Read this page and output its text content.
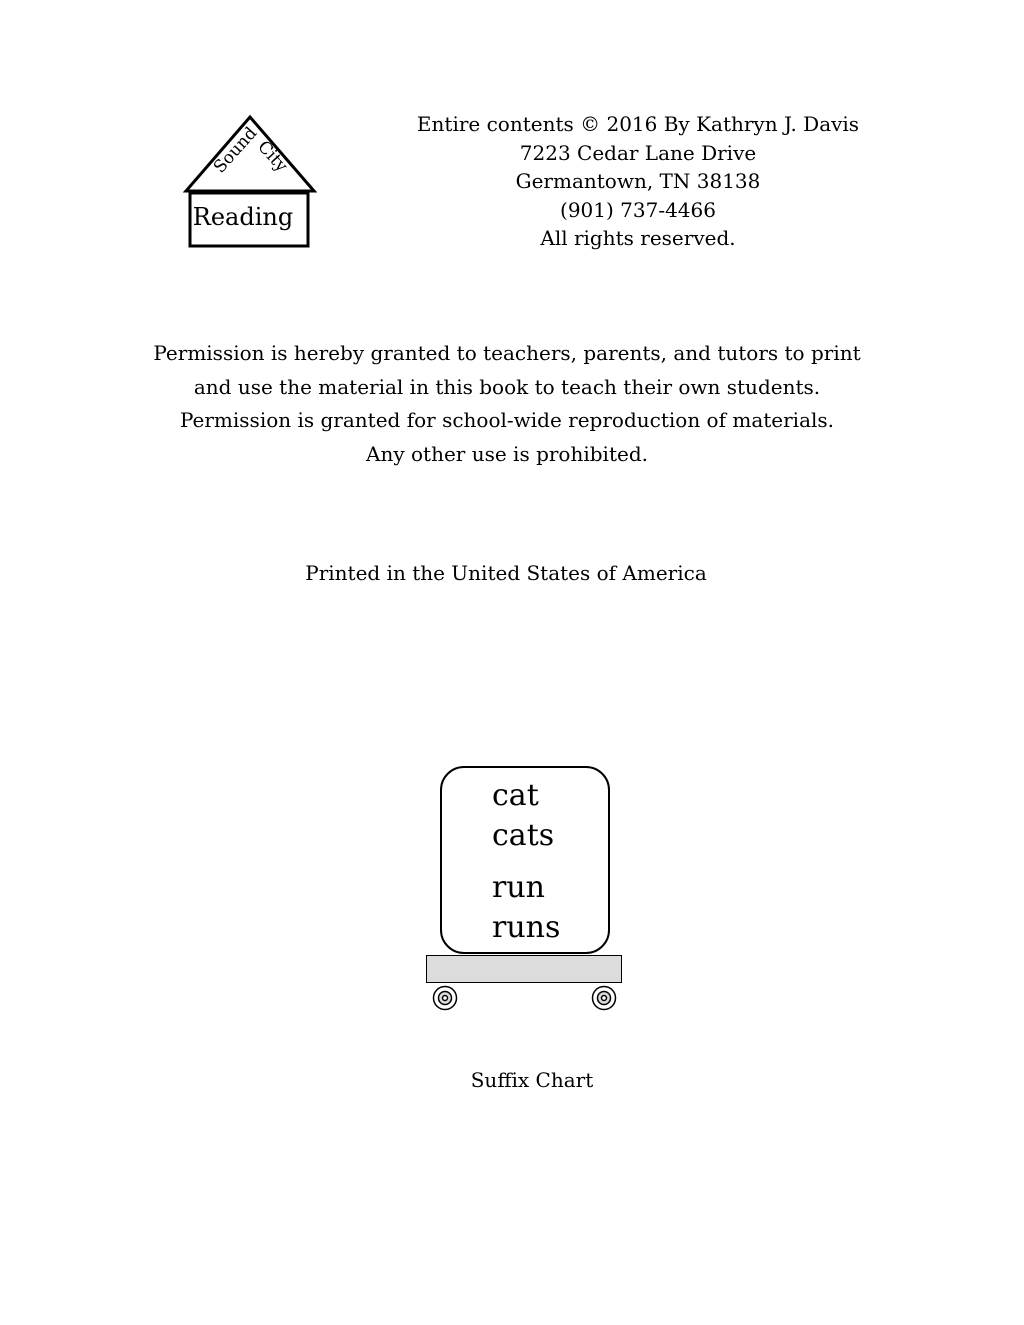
Sound
City
Reading
Entire contents © 2016 By Kathryn J. Davis
7223 Cedar Lane Drive
Germantown, TN 38138
(901) 737-4466
All rights reserved.
Permission is hereby granted to teachers, parents, and tutors to print
and use the material in this book to teach their own students.
Permission is granted for school-wide reproduction of materials.
Any other use is prohibited.
Printed in the United States of America
cat
cats
run
runs
Suffix Chart
